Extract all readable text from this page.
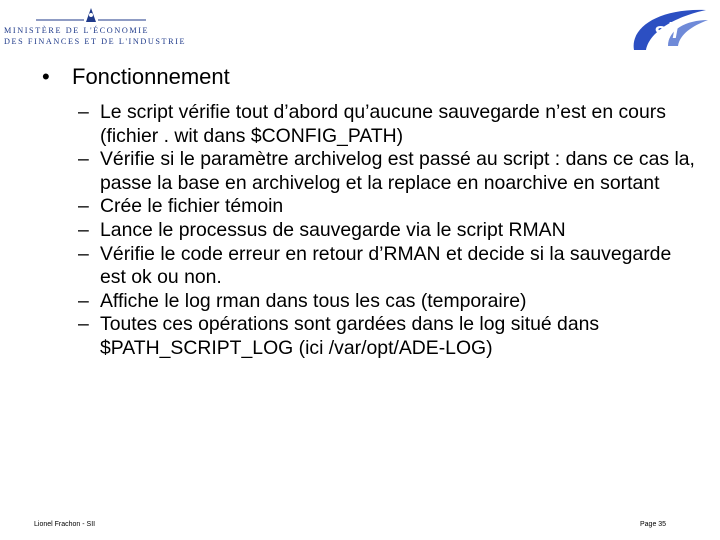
MINISTÈRE DE L'ÉCONOMIE
DES FINANCES ET DE L'INDUSTRIE	sii
• Fonctionnement
– Le script vérifie tout d’abord qu’aucune sauvegarde n’est en cours (fichier . wit dans $CONFIG_PATH)
– Vérifie si le paramètre archivelog est passé au script : dans ce cas la, passe la base en archivelog et la replace en noarchive en sortant
– Crée le fichier témoin
– Lance le processus de sauvegarde via le script RMAN
– Vérifie le code erreur en retour d’RMAN et decide si la sauvegarde est ok ou non.
– Affiche le log rman dans tous les cas (temporaire)
– Toutes ces opérations sont gardées dans le log situé dans $PATH_SCRIPT_LOG (ici /var/opt/ADE-LOG)
Lionel Frachon - SII	Page 35
